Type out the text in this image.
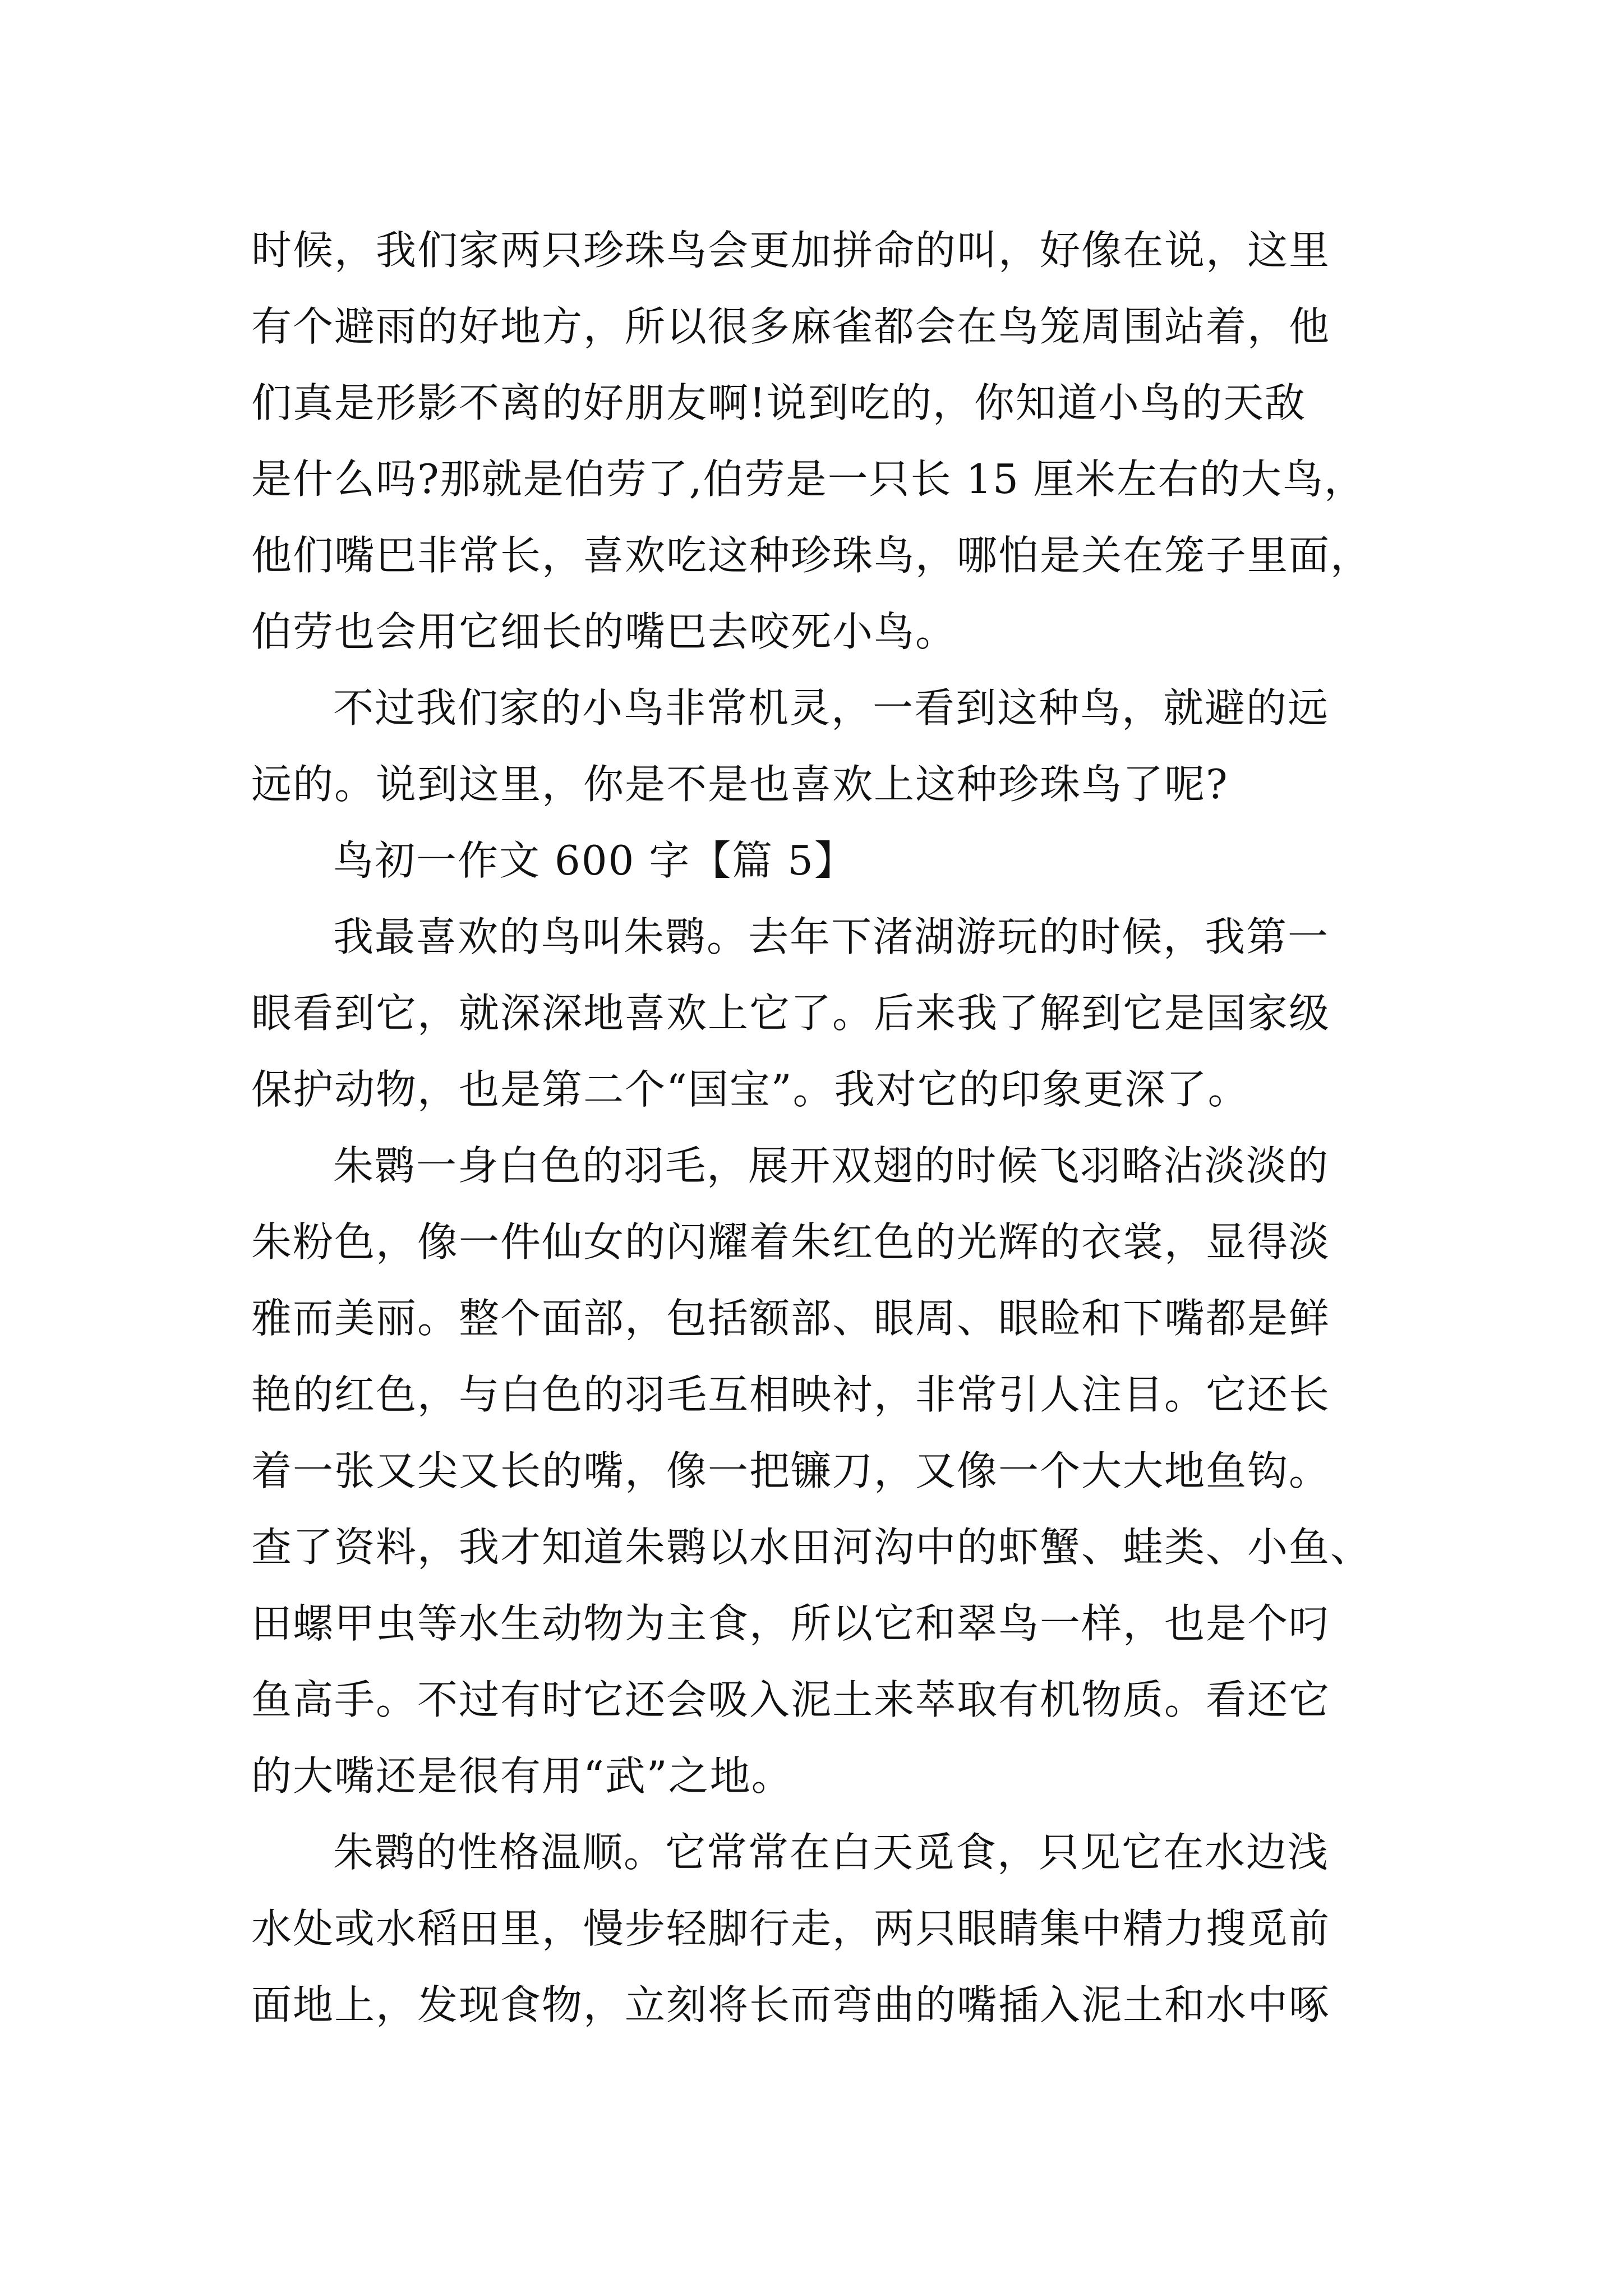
时候，我们家两只珍珠鸟会更加拼命的叫，好像在说，这里
有个避雨的好地方，所以很多麻雀都会在鸟笼周围站着，他
们真是形影不离的好朋友啊!说到吃的，你知道小鸟的天敌
是什么吗?那就是伯劳了,伯劳是一只长 15 厘米左右的大鸟，
他们嘴巴非常长，喜欢吃这种珍珠鸟，哪怕是关在笼子里面，
伯劳也会用它细长的嘴巴去咬死小鸟。
不过我们家的小鸟非常机灵，一看到这种鸟，就避的远
远的。说到这里，你是不是也喜欢上这种珍珠鸟了呢?
鸟初一作文 600 字【篇 5】
我最喜欢的鸟叫朱鹮。去年下渚湖游玩的时候，我第一
眼看到它，就深深地喜欢上它了。后来我了解到它是国家级
保护动物，也是第二个“国宝”。我对它的印象更深了。
朱鹮一身白色的羽毛，展开双翅的时候飞羽略沾淡淡的
朱粉色，像一件仙女的闪耀着朱红色的光辉的衣裳，显得淡
雅而美丽。整个面部，包括额部、眼周、眼睑和下嘴都是鲜
艳的红色，与白色的羽毛互相映衬，非常引人注目。它还长
着一张又尖又长的嘴，像一把镰刀，又像一个大大地鱼钩。
查了资料，我才知道朱鹮以水田河沟中的虾蟹、蛙类、小鱼、
田螺甲虫等水生动物为主食，所以它和翠鸟一样，也是个叼
鱼高手。不过有时它还会吸入泥土来萃取有机物质。看还它
的大嘴还是很有用“武”之地。
朱鹮的性格温顺。它常常在白天觅食，只见它在水边浅
水处或水稻田里，慢步轻脚行走，两只眼睛集中精力搜觅前
面地上，发现食物，立刻将长而弯曲的嘴插入泥土和水中啄
